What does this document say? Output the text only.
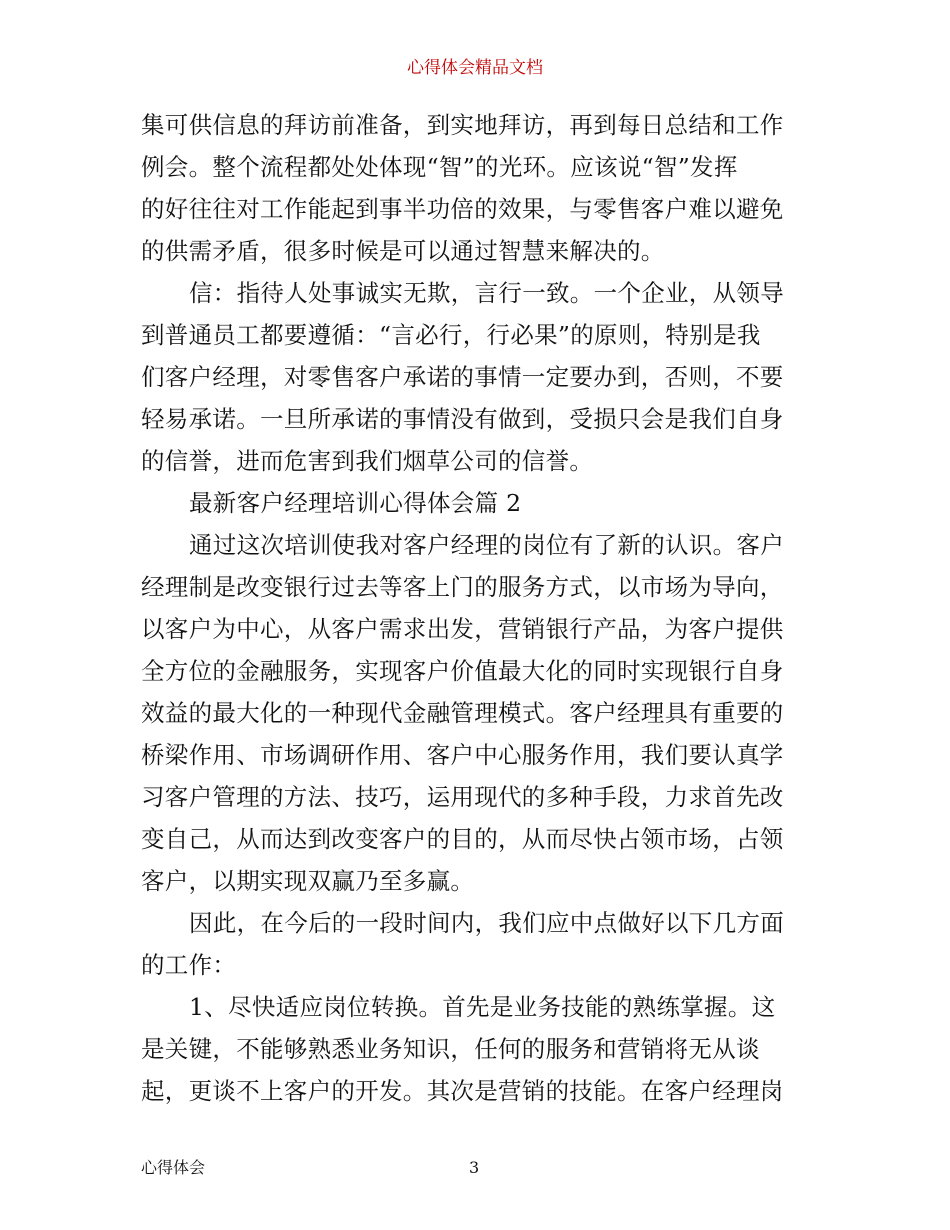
心得体会精品文档
集可供信息的拜访前准备，到实地拜访，再到每日总结和工作
例会。整个流程都处处体现“智”的光环。应该说“智”发挥
的好往往对工作能起到事半功倍的效果，与零售客户难以避免
的供需矛盾，很多时候是可以通过智慧来解决的。
信：指待人处事诚实无欺，言行一致。一个企业，从领导
到普通员工都要遵循：“言必行，行必果”的原则，特别是我
们客户经理，对零售客户承诺的事情一定要办到，否则，不要
轻易承诺。一旦所承诺的事情没有做到，受损只会是我们自身
的信誉，进而危害到我们烟草公司的信誉。
最新客户经理培训心得体会篇 2
通过这次培训使我对客户经理的岗位有了新的认识。客户
经理制是改变银行过去等客上门的服务方式，以市场为导向，
以客户为中心，从客户需求出发，营销银行产品，为客户提供
全方位的金融服务，实现客户价值最大化的同时实现银行自身
效益的最大化的一种现代金融管理模式。客户经理具有重要的
桥梁作用、市场调研作用、客户中心服务作用，我们要认真学
习客户管理的方法、技巧，运用现代的多种手段，力求首先改
变自己，从而达到改变客户的目的，从而尽快占领市场，占领
客户，以期实现双赢乃至多赢。
因此，在今后的一段时间内，我们应中点做好以下几方面
的工作：
1、尽快适应岗位转换。首先是业务技能的熟练掌握。这
是关键，不能够熟悉业务知识，任何的服务和营销将无从谈
起，更谈不上客户的开发。其次是营销的技能。在客户经理岗
心得体会	3
